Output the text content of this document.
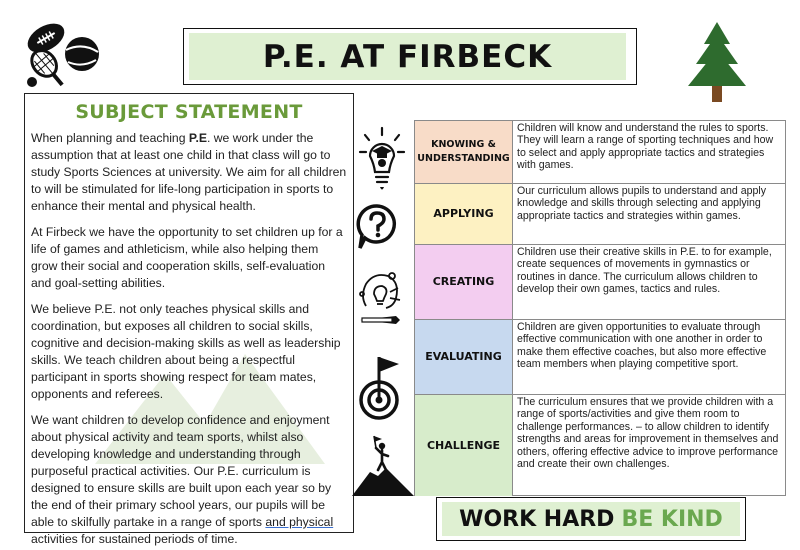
P.E. AT FIRBECK
SUBJECT STATEMENT

When planning and teaching P.E. we work under the assumption that at least one child in that class will go to study Sports Sciences at university. We aim for all children to will be stimulated for life-long participation in sports to enhance their mental and physical health.

At Firbeck we have the opportunity to set children up for a life of games and athleticism, while also helping them grow their social and cooperation skills, self-evaluation and goal-setting abilities.

We believe P.E. not only teaches physical skills and coordination, but exposes all children to social skills, cognitive and decision-making skills as well as leadership skills. We teach children about being a respectful participant in sports showing respect for team mates, opponents and referees.

We want children to develop confidence and enjoyment about physical activity and team sports, whilst also developing knowledge and understanding through purposeful practical activities. Our P.E. curriculum is designed to ensure skills are built upon each year so by the end of their primary school years, our pupils will be able to skilfully partake in a range of sports and physical activities for sustained periods of time.

KNOWING & UNDERSTANDING
Children will know and understand the rules to sports. They will learn a range of sporting techniques and how to select and apply appropriate tactics and strategies with games.
APPLYING
Our curriculum allows pupils to understand and apply knowledge and skills through selecting and applying appropriate tactics and strategies within games.
CREATING
Children use their creative skills in P.E. to for example, create sequences of movements in gymnastics or routines in dance. The curriculum allows children to develop their own games, tactics and rules.
EVALUATING
Children are given opportunities to evaluate through effective communication with one another in order to make them effective coaches, but also more effective team members when playing competitive sport.
CHALLENGE
The curriculum ensures that we provide children with a range of sports/activities and give them room to challenge performances. – to allow children to identify strengths and areas for improvement in themselves and others, offering effective advice to improve performance and create their own challenges.
WORK HARD BE KIND
